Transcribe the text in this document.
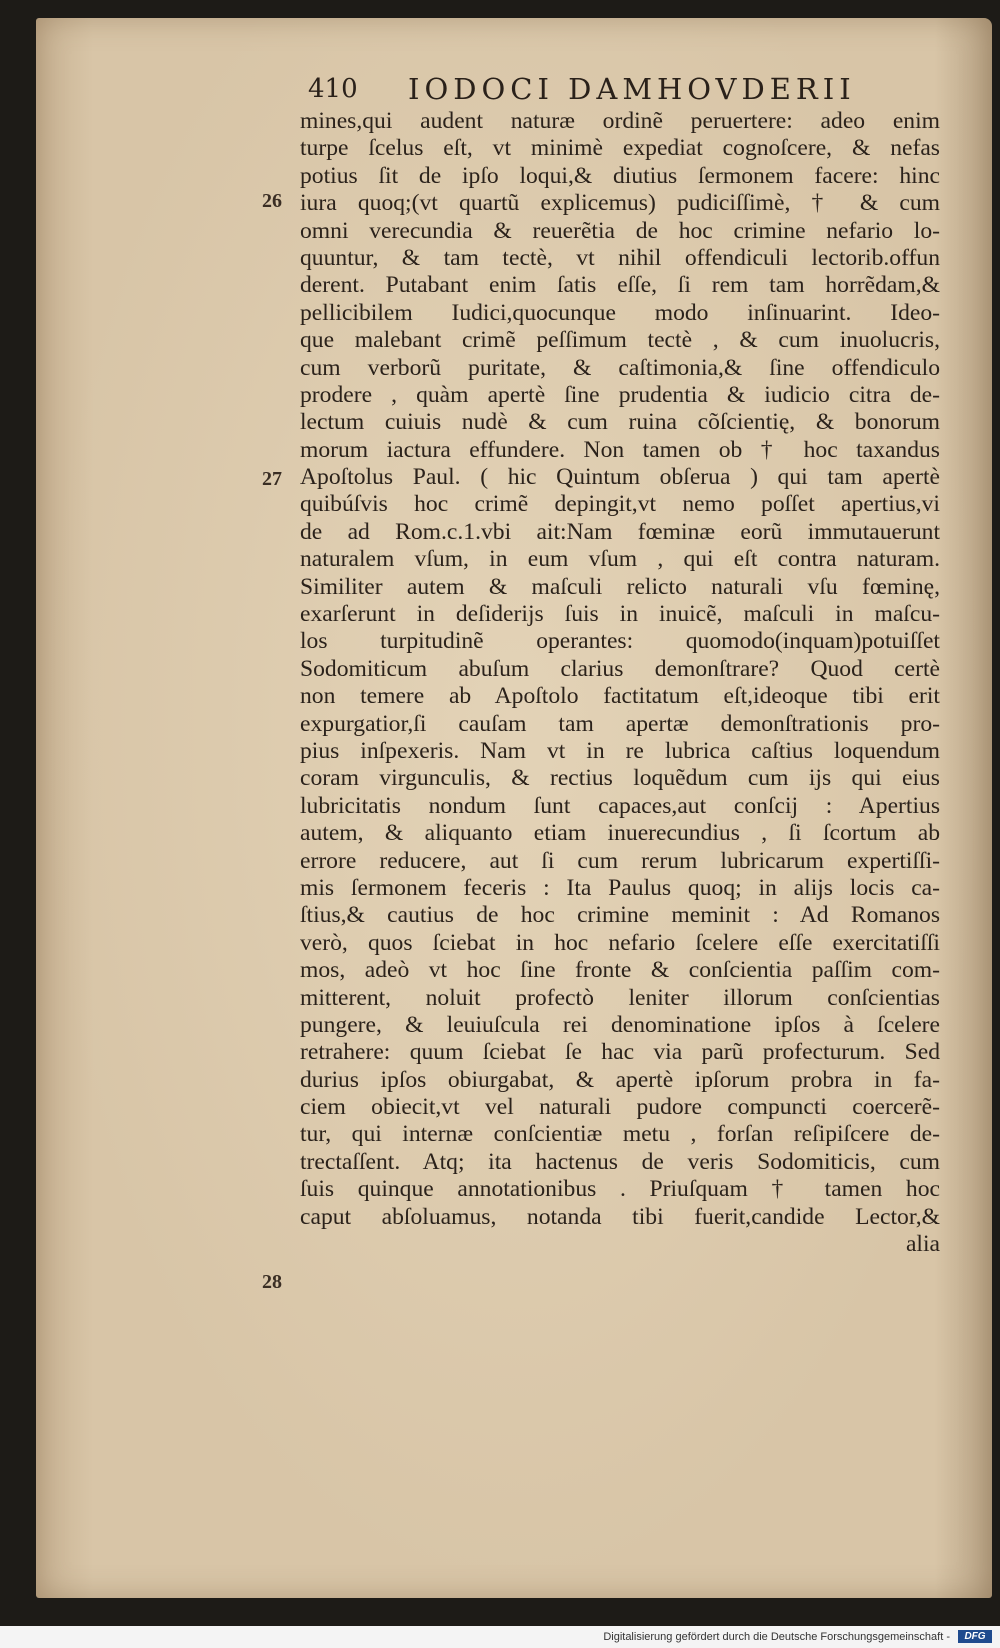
410 IODOCI DAMHOVDERII
26
27
28
mines,qui audent naturæ ordinẽ peruertere: adeo enim
turpe ſcelus eſt, vt minimè expediat cognoſcere, & nefas
potius ſit de ipſo loqui,& diutius ſermonem facere: hinc
iura quoq;(vt quartũ explicemus) pudiciſſimè, † & cum
omni verecundia & reuerẽtia de hoc crimine nefario lo-
quuntur, & tam tectè, vt nihil offendiculi lectorib.offun
derent. Putabant enim ſatis eſſe, ſi rem tam horrẽdam,&
pellicibilem Iudici,quocunque modo inſinuarint. Ideo-
que malebant crimẽ peſſimum tectè , & cum inuolucris,
cum verborũ puritate, & caſtimonia,& ſine offendiculo
prodere , quàm apertè ſine prudentia & iudicio citra de-
lectum cuiuis nudè & cum ruina cõſcientię, & bonorum
morum iactura effundere. Non tamen ob † hoc taxandus
Apoſtolus Paul. ( hic Quintum obſerua ) qui tam apertè
quibúſvis hoc crimẽ depingit,vt nemo poſſet apertius,vi
de ad Rom.c.1.vbi ait:Nam fœminæ eorũ immutauerunt
naturalem vſum, in eum vſum , qui eſt contra naturam.
Similiter autem & maſculi relicto naturali vſu fœminę,
exarſerunt in deſiderijs ſuis in inuicẽ, maſculi in maſcu-
los turpitudinẽ operantes: quomodo(inquam)potuiſſet
Sodomiticum abuſum clarius demonſtrare? Quod certè
non temere ab Apoſtolo factitatum eſt,ideoque tibi erit
expurgatior,ſi cauſam tam apertæ demonſtrationis pro-
pius inſpexeris. Nam vt in re lubrica caſtius loquendum
coram virgunculis, & rectius loquẽdum cum ijs qui eius
lubricitatis nondum ſunt capaces,aut conſcij : Apertius
autem, & aliquanto etiam inuerecundius , ſi ſcortum ab
errore reducere, aut ſi cum rerum lubricarum expertiſſi-
mis ſermonem feceris : Ita Paulus quoq; in alijs locis ca-
ſtius,& cautius de hoc crimine meminit : Ad Romanos
verò, quos ſciebat in hoc nefario ſcelere eſſe exercitatiſſi
mos, adeò vt hoc ſine fronte & conſcientia paſſim com-
mitterent, noluit profectò leniter illorum conſcientias
pungere, & leuiuſcula rei denominatione ipſos à ſcelere
retrahere: quum ſciebat ſe hac via parũ profecturum. Sed
durius ipſos obiurgabat, & apertè ipſorum probra in fa-
ciem obiecit,vt vel naturali pudore compuncti coercerẽ-
tur, qui internæ conſcientiæ metu , forſan reſipiſcere de-
trectaſſent. Atq; ita hactenus de veris Sodomiticis, cum
ſuis quinque annotationibus . Priuſquam † tamen hoc
caput abſoluamus, notanda tibi fuerit,candide Lector,&
alia
Digitalisierung gefördert durch die Deutsche Forschungsgemeinschaft -	DFG
